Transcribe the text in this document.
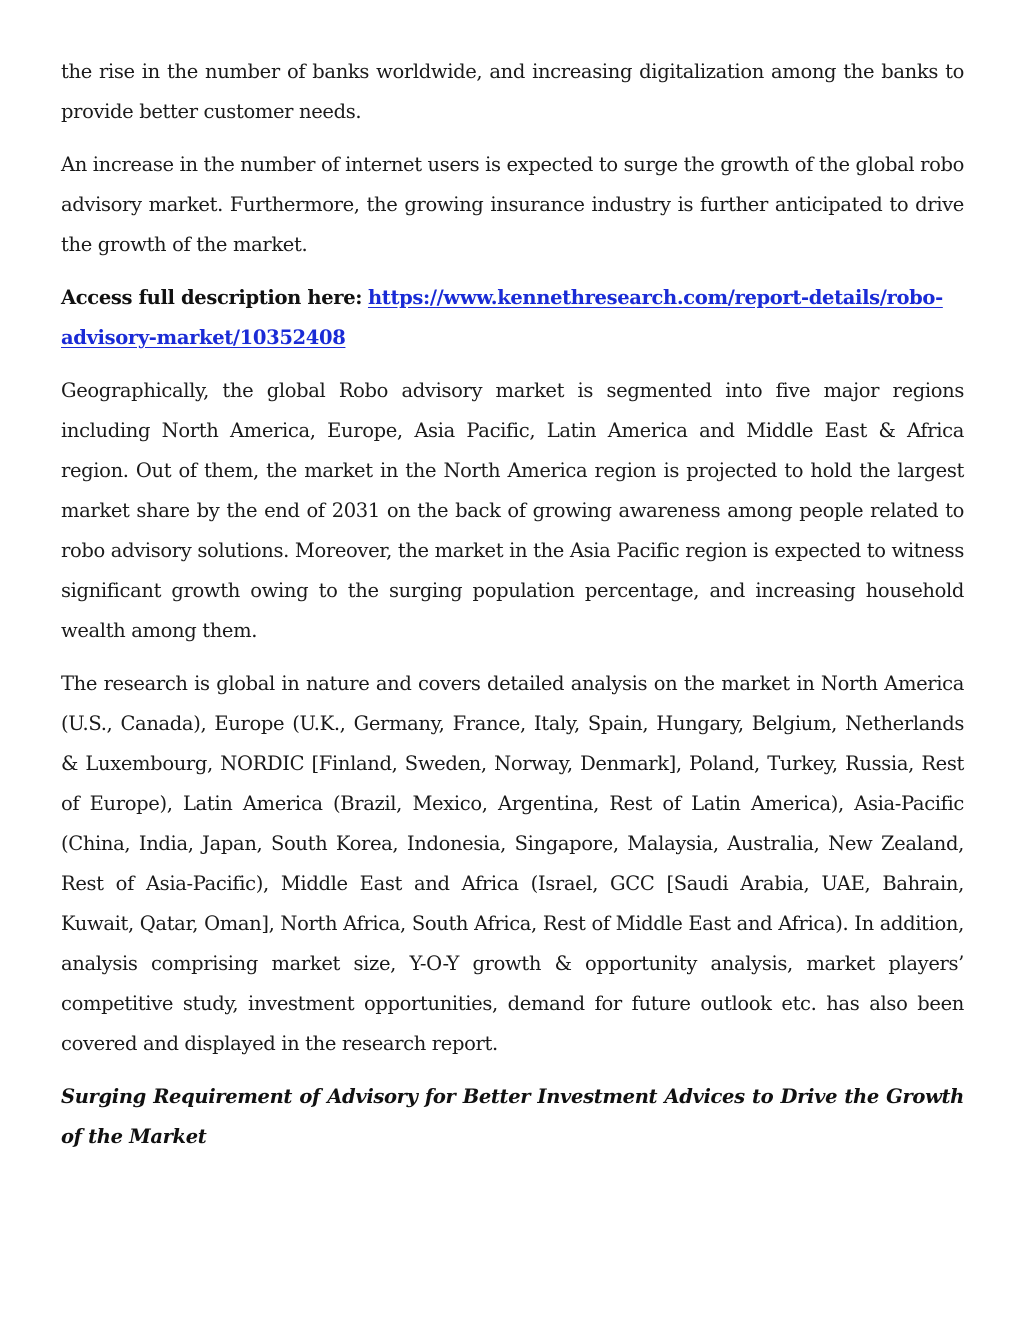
the rise in the number of banks worldwide, and increasing digitalization among the banks to provide better customer needs.

An increase in the number of internet users is expected to surge the growth of the global robo advisory market. Furthermore, the growing insurance industry is further anticipated to drive the growth of the market.

Access full description here: https://www.kennethresearch.com/report-details/robo-advisory-market/10352408

Geographically, the global Robo advisory market is segmented into five major regions including North America, Europe, Asia Pacific, Latin America and Middle East & Africa region. Out of them, the market in the North America region is projected to hold the largest market share by the end of 2031 on the back of growing awareness among people related to robo advisory solutions. Moreover, the market in the Asia Pacific region is expected to witness significant growth owing to the surging population percentage, and increasing household wealth among them.

The research is global in nature and covers detailed analysis on the market in North America (U.S., Canada), Europe (U.K., Germany, France, Italy, Spain, Hungary, Belgium, Netherlands & Luxembourg, NORDIC [Finland, Sweden, Norway, Denmark], Poland, Turkey, Russia, Rest of Europe), Latin America (Brazil, Mexico, Argentina, Rest of Latin America), Asia-Pacific (China, India, Japan, South Korea, Indonesia, Singapore, Malaysia, Australia, New Zealand, Rest of Asia-Pacific), Middle East and Africa (Israel, GCC [Saudi Arabia, UAE, Bahrain, Kuwait, Qatar, Oman], North Africa, South Africa, Rest of Middle East and Africa). In addition, analysis comprising market size, Y-O-Y growth & opportunity analysis, market players’ competitive study, investment opportunities, demand for future outlook etc. has also been covered and displayed in the research report.

Surging Requirement of Advisory for Better Investment Advices to Drive the Growth of the Market
